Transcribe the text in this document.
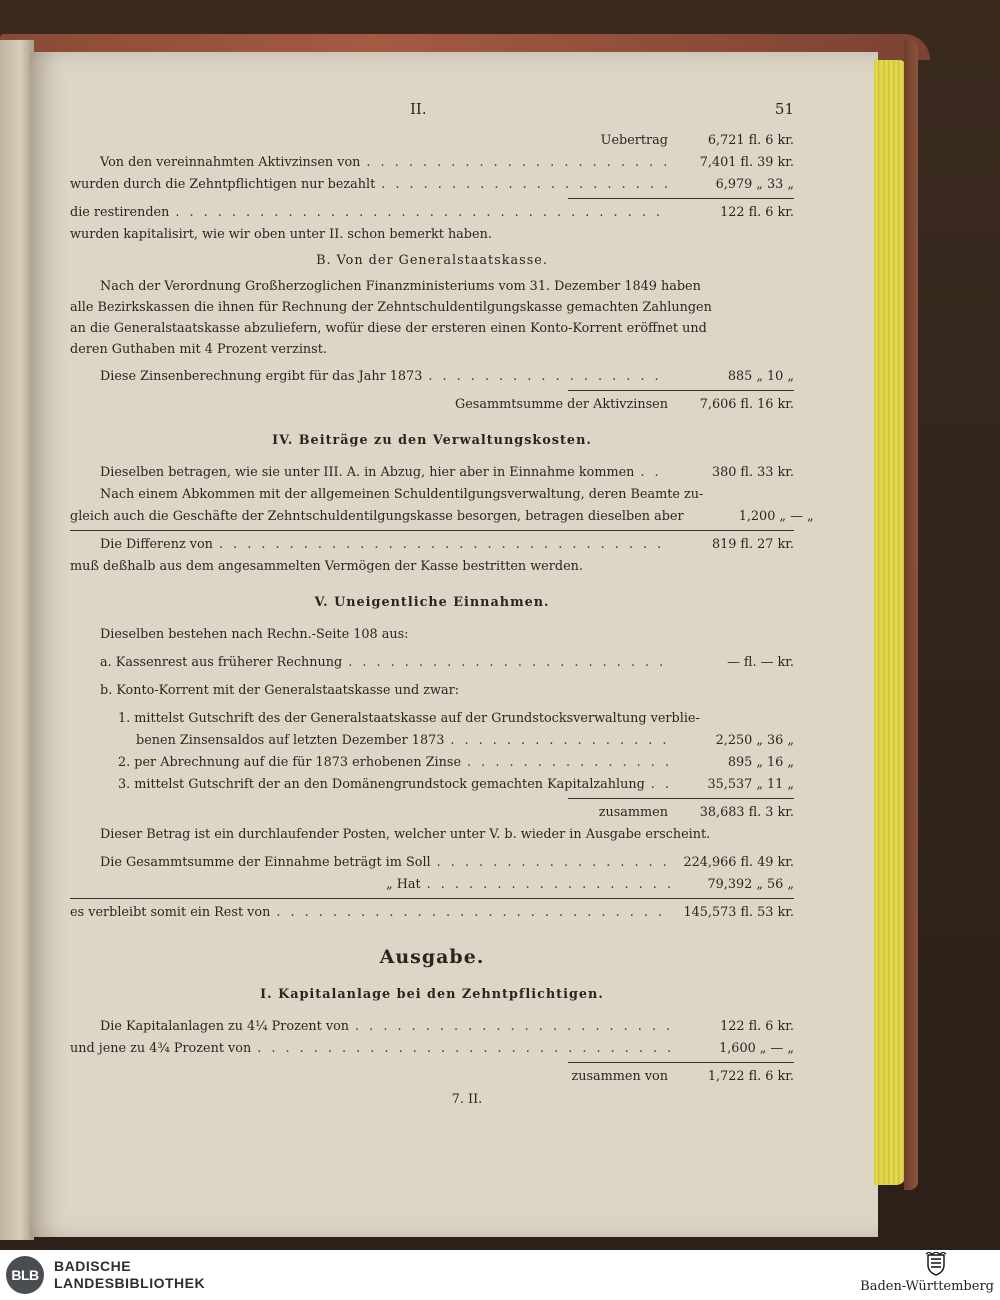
II.	51
Uebertrag	6,721 fl. 6 kr.
Von den vereinnahmten Aktivzinsen von . . .	7,401 fl. 39 kr.
wurden durch die Zehntpflichtigen nur bezahlt . . .	6,979 „ 33 „
die restirenden . . .	122 fl. 6 kr.
wurden kapitalisirt, wie wir oben unter II. schon bemerkt haben.
B. Von der Generalstaatskasse.
Nach der Verordnung Großherzoglichen Finanzministeriums vom 31. Dezember 1849 haben
alle Bezirkskassen die ihnen für Rechnung der Zehntschuldentilgungskasse gemachten Zahlungen
an die Generalstaatskasse abzuliefern, wofür diese der ersteren einen Konto-Korrent eröffnet und
deren Guthaben mit 4 Prozent verzinst.
Diese Zinsenberechnung ergibt für das Jahr 1873 . . .	885 „ 10 „
Gesammtsumme der Aktivzinsen	7,606 fl. 16 kr.
IV. Beiträge zu den Verwaltungskosten.
Dieselben betragen, wie sie unter III. A. in Abzug, hier aber in Einnahme kommen . . .	380 fl. 33 kr.
Nach einem Abkommen mit der allgemeinen Schuldentilgungsverwaltung, deren Beamte zu-
gleich auch die Geschäfte der Zehntschuldentilgungskasse besorgen, betragen dieselben aber	1,200 „ — „
Die Differenz von . . .	819 fl. 27 kr.
muß deßhalb aus dem angesammelten Vermögen der Kasse bestritten werden.
V. Uneigentliche Einnahmen.
Dieselben bestehen nach Rechn.-Seite 108 aus:
a. Kassenrest aus früherer Rechnung . . .	— fl. — kr.
b. Konto-Korrent mit der Generalstaatskasse und zwar:
1. mittelst Gutschrift des der Generalstaatskasse auf der Grundstocksverwaltung verblie-
benen Zinsensaldos auf letzten Dezember 1873 . . .	2,250 „ 36 „
2. per Abrechnung auf die für 1873 erhobenen Zinse . . .	895 „ 16 „
3. mittelst Gutschrift der an den Domänengrundstock gemachten Kapitalzahlung . . .	35,537 „ 11 „
zusammen	38,683 fl. 3 kr.
Dieser Betrag ist ein durchlaufender Posten, welcher unter V. b. wieder in Ausgabe erscheint.
Die Gesammtsumme der Einnahme beträgt im Soll . . .	224,966 fl. 49 kr.
„ Hat . . .	79,392 „ 56 „
es verbleibt somit ein Rest von . . .	145,573 fl. 53 kr.
Ausgabe.
I. Kapitalanlage bei den Zehntpflichtigen.
Die Kapitalanlagen zu 4¼ Prozent von . . .	122 fl. 6 kr.
und jene zu 4¾ Prozent von . . .	1,600 „ — „
zusammen von	1,722 fl. 6 kr.
7. II.
BLB
BADISCHE
LANDESBIBLIOTHEK	Baden-Württemberg
